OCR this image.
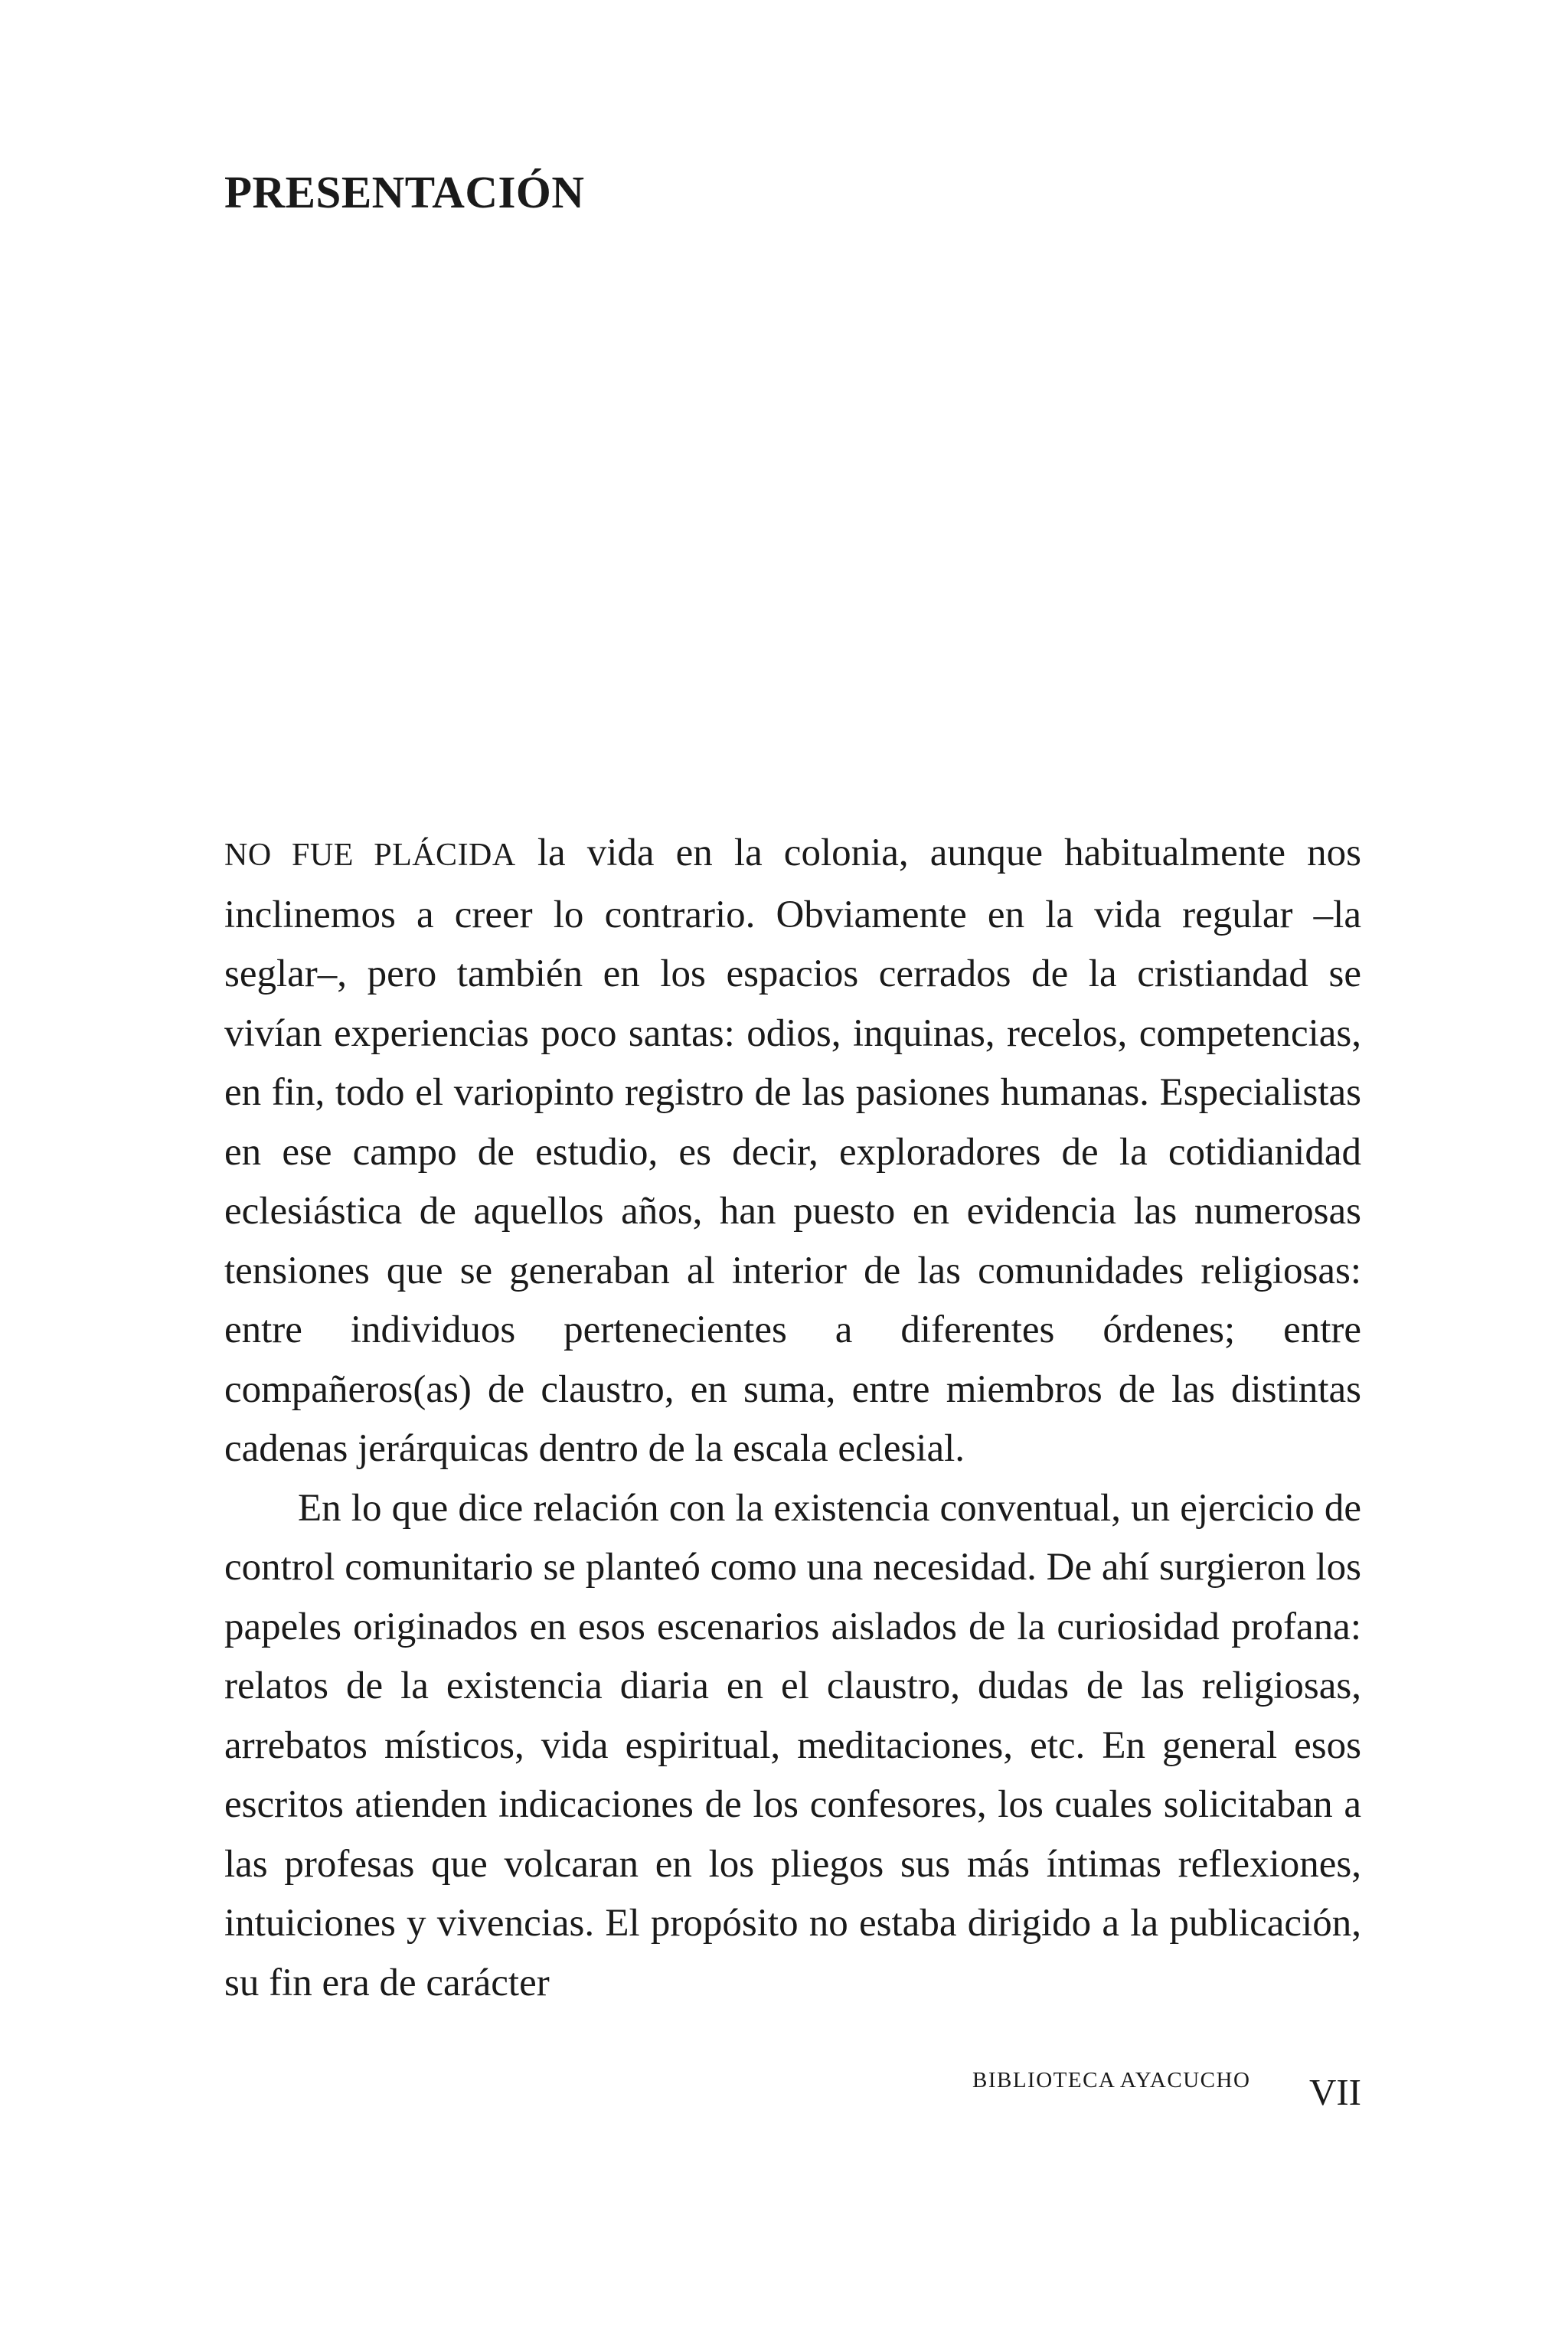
PRESENTACIÓN

NO FUE PLÁCIDA la vida en la colonia, aunque habitualmente nos inclinemos a creer lo contrario. Obviamente en la vida regular –la seglar–, pero también en los espacios cerrados de la cristiandad se vivían experiencias poco santas: odios, inquinas, recelos, competencias, en fin, todo el variopinto registro de las pasiones humanas. Especialistas en ese campo de estudio, es decir, exploradores de la cotidianidad eclesiástica de aquellos años, han puesto en evidencia las numerosas tensiones que se generaban al interior de las comunidades religiosas: entre individuos pertenecientes a diferentes órdenes; entre compañeros(as) de claustro, en suma, entre miembros de las distintas cadenas jerárquicas dentro de la escala eclesial.

En lo que dice relación con la existencia conventual, un ejercicio de control comunitario se planteó como una necesidad. De ahí surgieron los papeles originados en esos escenarios aislados de la curiosidad profana: relatos de la existencia diaria en el claustro, dudas de las religiosas, arrebatos místicos, vida espiritual, meditaciones, etc. En general esos escritos atienden indicaciones de los confesores, los cuales solicitaban a las profesas que volcaran en los pliegos sus más íntimas reflexiones, intuiciones y vivencias. El propósito no estaba dirigido a la publicación, su fin era de carácter

BIBLIOTECA AYACUCHO VII
